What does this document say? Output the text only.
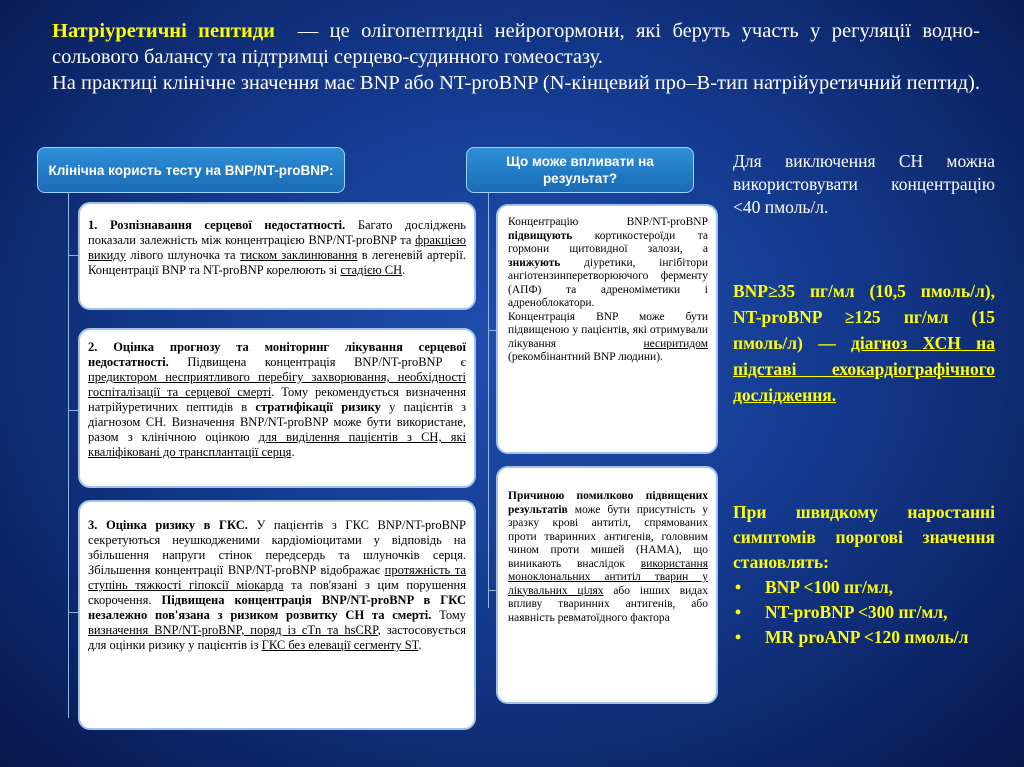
Натріуретичні пептиди  — це олігопептидні нейрогормони, які беруть участь у регуляції водно-сольового балансу та підтримці серцево-судинного гомеостазу.

На практиці клінічне значення має BNP або NT-proBNP (N-кінцевий про–B-тип натрійуретичний пептид).

Клінічна користь тесту на BNP/NT-proBNP:
Що може впливати на результат?

1. Розпізнавання серцевої недостатності. Багато досліджень показали залежність між концентрацією BNP/NT-proBNP та фракцією викиду лівого шлуночка та тиском заклинювання в легеневій артерії. Концентрації BNP та NT-proBNP корелюють зі стадією СН.

2. Оцінка прогнозу та моніторинг лікування серцевої недостатності. Підвищена концентрація BNP/NT-proBNP є предиктором несприятливого перебігу захворювання, необхідності госпіталізації та серцевої смерті. Тому рекомендується визначення натрійуретичних пептидів в стратифікації ризику у пацієнтів з діагнозом СН. Визначення BNP/NT-proBNP може бути використане, разом з клінічною оцінкою для виділення пацієнтів з СН, які кваліфіковані до трансплантації серця.

3. Оцінка ризику в ГКС. У пацієнтів з ГКС BNP/NT-proBNP секретуються неушкодженими кардіоміоцитами у відповідь на збільшення напруги стінок передсердь та шлуночків серця. Збільшення концентрації BNP/NT-proBNP відображає протяжність та ступінь тяжкості гіпоксії міокарда та пов'язані з цим порушення скорочення. Підвищена концентрація BNP/NT-proBNP в ГКС незалежно пов'язана з ризиком розвитку СН та смерті. Тому визначення BNP/NT-proBNP, поряд із cTn та hsCRP, застосовується для оцінки ризику у пацієнтів із ГКС без елевації сегменту ST.

Концентрацію BNP/NT-proBNP підвищують кортикостероїди та гормони щитовидної залози, а знижують діуретики, інгібітори ангіотензинперетворюючого ферменту (АПФ) та адреноміметики і адреноблокатори.

Концентрація BNP може бути підвищеною у пацієнтів, які отримували лікування несиритидом (рекомбінантний BNP людини).

Причиною помилково підвищених результатів може бути присутність у зразку крові антитіл, спрямованих проти тваринних антигенів, головним чином проти мишей (HAMA), що виникають внаслідок використання моноклональних антитіл тварин у лікувальних цілях або інших видах впливу тваринних антигенів, або наявність ревматоїдного фактора

Для виключення СН можна використовувати концентрацію <40 пмоль/л.

BNP≥35 пг/мл (10,5 пмоль/л), NT-proBNP ≥125 пг/мл (15 пмоль/л) — діагноз ХСН на підставі ехокардіографічного дослідження.

При швидкому наростанні симптомів порогові значення становлять:

• BNP <100 пг/мл,
• NT-proBNP <300 пг/мл,
• MR proANP <120 пмоль/л
